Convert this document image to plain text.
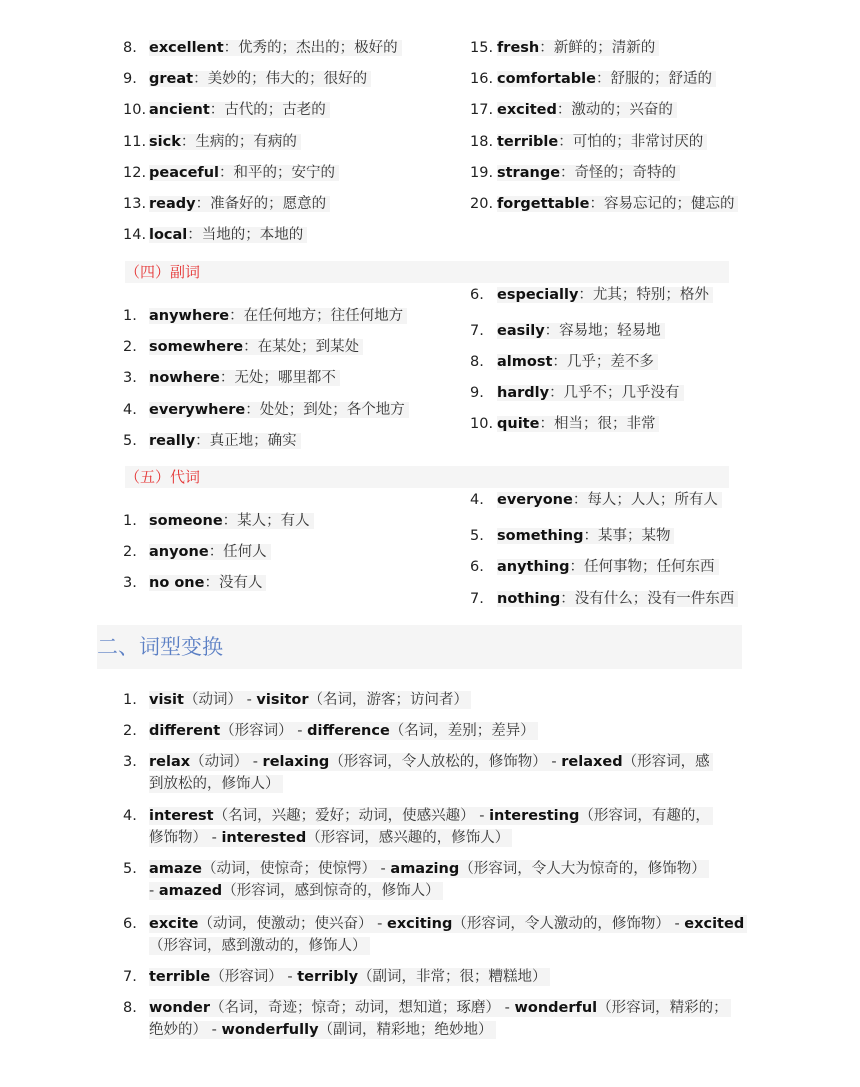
（四）副词
（五）代词
二、词型变换
8. excellent：优秀的；杰出的；极好的
9. great：美妙的；伟大的；很好的
10. ancient：古代的；古老的
11. sick：生病的；有病的
12. peaceful：和平的；安宁的
13. ready：准备好的；愿意的
14. local：当地的；本地的
15. fresh：新鲜的；清新的
16. comfortable：舒服的；舒适的
17. excited：激动的；兴奋的
18. terrible：可怕的；非常讨厌的
19. strange：奇怪的；奇特的
20. forgettable：容易忘记的；健忘的
1. anywhere：在任何地方；往任何地方
2. somewhere：在某处；到某处
3. nowhere：无处；哪里都不
4. everywhere：处处；到处；各个地方
5. really：真正地；确实
6. especially：尤其；特别；格外
7. easily：容易地；轻易地
8. almost：几乎；差不多
9. hardly：几乎不；几乎没有
10. quite：相当；很；非常
1. someone：某人；有人
2. anyone：任何人
3. no one：没有人
4. everyone：每人；人人；所有人
5. something：某事；某物
6. anything：任何事物；任何东西
7. nothing：没有什么；没有一件东西
1. visit（动词） - visitor（名词，游客；访问者）
2. different（形容词） - difference（名词，差别；差异）
3. relax（动词） - relaxing（形容词，令人放松的，修饰物） - relaxed（形容词，感
到放松的，修饰人）
4. interest（名词，兴趣；爱好；动词，使感兴趣） - interesting（形容词，有趣的，
修饰物） - interested（形容词，感兴趣的，修饰人）
5. amaze（动词，使惊奇；使惊愕） - amazing（形容词，令人大为惊奇的，修饰物）
- amazed（形容词，感到惊奇的，修饰人）
6. excite（动词，使激动；使兴奋） - exciting（形容词，令人激动的，修饰物） - excited
（形容词，感到激动的，修饰人）
7. terrible（形容词） - terribly（副词，非常；很；糟糕地）
8. wonder（名词，奇迹；惊奇；动词，想知道；琢磨） - wonderful（形容词，精彩的；
绝妙的） - wonderfully（副词，精彩地；绝妙地）
